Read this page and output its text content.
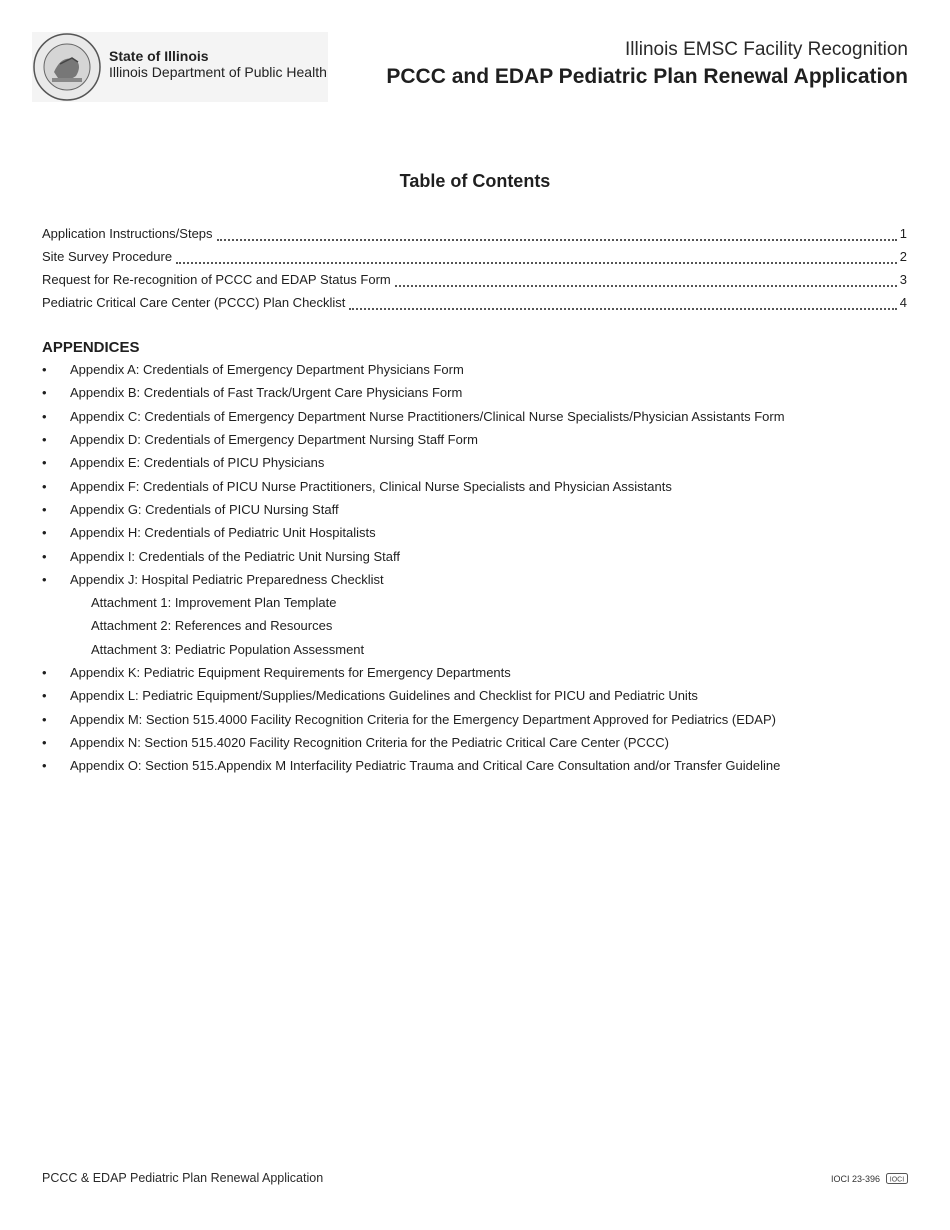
State of Illinois
Illinois Department of Public Health
Illinois EMSC Facility Recognition
PCCC and EDAP Pediatric Plan Renewal Application
Table of Contents
Application Instructions/Steps	1
Site Survey Procedure	2
Request for Re-recognition of PCCC and EDAP Status Form	3
Pediatric Critical Care Center (PCCC) Plan Checklist	4
APPENDICES
•	Appendix A: Credentials of Emergency Department Physicians Form
•	Appendix B: Credentials of Fast Track/Urgent Care Physicians Form
•	Appendix C: Credentials of Emergency Department Nurse Practitioners/Clinical Nurse Specialists/Physician Assistants Form
•	Appendix D: Credentials of Emergency Department Nursing Staff Form
•	Appendix E: Credentials of PICU Physicians
•	Appendix F: Credentials of PICU Nurse Practitioners, Clinical Nurse Specialists and Physician Assistants
•	Appendix G: Credentials of PICU Nursing Staff
•	Appendix H: Credentials of Pediatric Unit Hospitalists
•	Appendix I: Credentials of the Pediatric Unit Nursing Staff
•	Appendix J: Hospital Pediatric Preparedness Checklist
Attachment 1: Improvement Plan Template
Attachment 2: References and Resources
Attachment 3: Pediatric Population Assessment
•	Appendix K: Pediatric Equipment Requirements for Emergency Departments
•	Appendix L: Pediatric Equipment/Supplies/Medications Guidelines and Checklist for PICU and Pediatric Units
•	Appendix M: Section 515.4000 Facility Recognition Criteria for the Emergency Department Approved for Pediatrics (EDAP)
•	Appendix N: Section 515.4020 Facility Recognition Criteria for the Pediatric Critical Care Center (PCCC)
•	Appendix O: Section 515.Appendix M Interfacility Pediatric Trauma and Critical Care Consultation and/or Transfer Guideline
PCCC & EDAP Pediatric Plan Renewal Application	IOCI 23-396 IOCI
